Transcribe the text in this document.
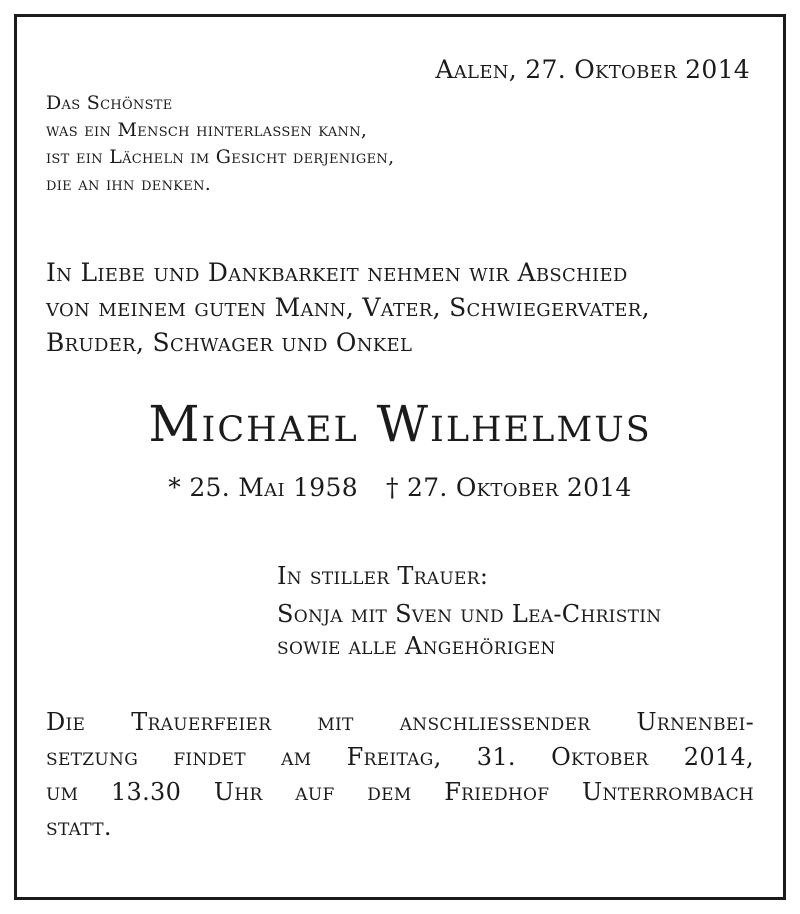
Aalen, 27. Oktober 2014
Das Schönste
was ein Mensch hinterlassen kann,
ist ein Lächeln im Gesicht derjenigen,
die an ihn denken.
In Liebe und Dankbarkeit nehmen wir Abschied
von meinem guten Mann, Vater, Schwiegervater,
Bruder, Schwager und Onkel
Michael Wilhelmus
* 25. Mai 1958 † 27. Oktober 2014
In stiller Trauer:
Sonja mit Sven und Lea-Christin
sowie alle Angehörigen
Die Trauerfeier mit anschliessender Urnenbei-
setzung findet am Freitag, 31. Oktober 2014,
um 13.30 Uhr auf dem Friedhof Unterrombach
statt.
